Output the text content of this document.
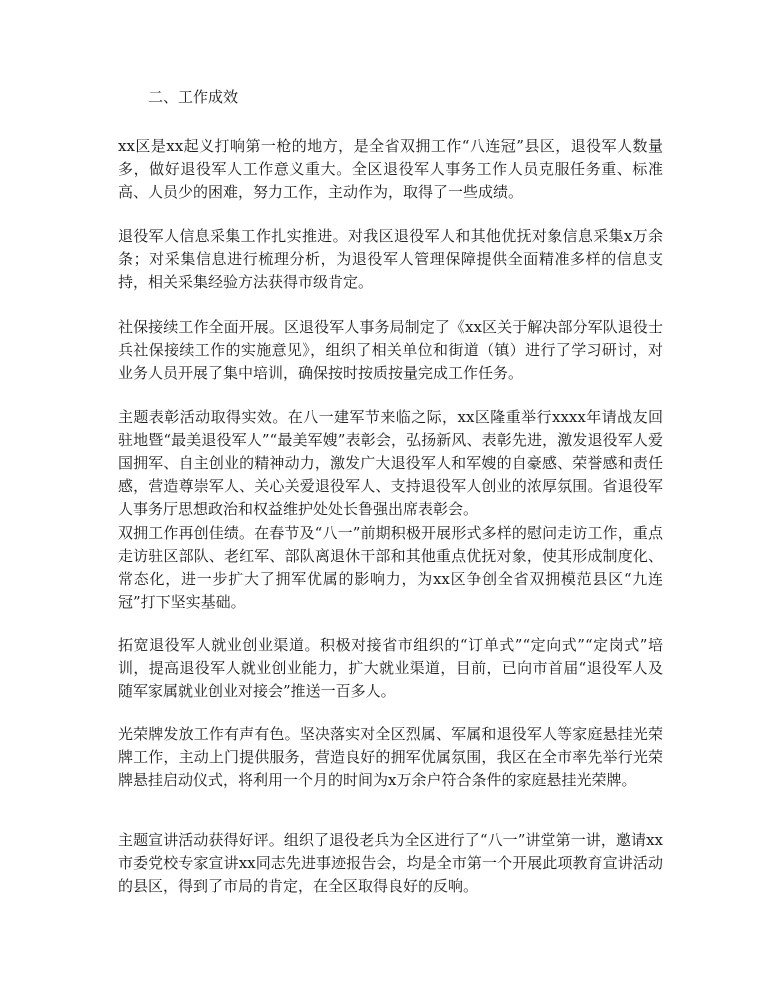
二、工作成效

xx区是xx起义打响第一枪的地方，是全省双拥工作“八连冠”县区，退役军人数量多，做好退役军人工作意义重大。全区退役军人事务工作人员克服任务重、标准高、人员少的困难，努力工作，主动作为，取得了一些成绩。

退役军人信息采集工作扎实推进。对我区退役军人和其他优抚对象信息采集x万余条；对采集信息进行梳理分析，为退役军人管理保障提供全面精准多样的信息支持，相关采集经验方法获得市级肯定。

社保接续工作全面开展。区退役军人事务局制定了《xx区关于解决部分军队退役士兵社保接续工作的实施意见》，组织了相关单位和街道（镇）进行了学习研讨，对业务人员开展了集中培训，确保按时按质按量完成工作任务。

主题表彰活动取得实效。在八一建军节来临之际，xx区隆重举行xxxx年请战友回驻地暨“最美退役军人”“最美军嫂”表彰会，弘扬新风、表彰先进，激发退役军人爱国拥军、自主创业的精神动力，激发广大退役军人和军嫂的自豪感、荣誉感和责任感，营造尊崇军人、关心关爱退役军人、支持退役军人创业的浓厚氛围。省退役军人事务厅思想政治和权益维护处处长鲁强出席表彰会。

双拥工作再创佳绩。在春节及“八一”前期积极开展形式多样的慰问走访工作，重点走访驻区部队、老红军、部队离退休干部和其他重点优抚对象，使其形成制度化、常态化，进一步扩大了拥军优属的影响力，为xx区争创全省双拥模范县区“九连冠”打下坚实基础。

拓宽退役军人就业创业渠道。积极对接省市组织的“订单式”“定向式”“定岗式”培训，提高退役军人就业创业能力，扩大就业渠道，目前，已向市首届“退役军人及随军家属就业创业对接会”推送一百多人。

光荣牌发放工作有声有色。坚决落实对全区烈属、军属和退役军人等家庭悬挂光荣牌工作，主动上门提供服务，营造良好的拥军优属氛围，我区在全市率先举行光荣牌悬挂启动仪式，将利用一个月的时间为x万余户符合条件的家庭悬挂光荣牌。

主题宣讲活动获得好评。组织了退役老兵为全区进行了“八一”讲堂第一讲，邀请xx市委党校专家宣讲xx同志先进事迹报告会，均是全市第一个开展此项教育宣讲活动的县区，得到了市局的肯定，在全区取得良好的反响。
